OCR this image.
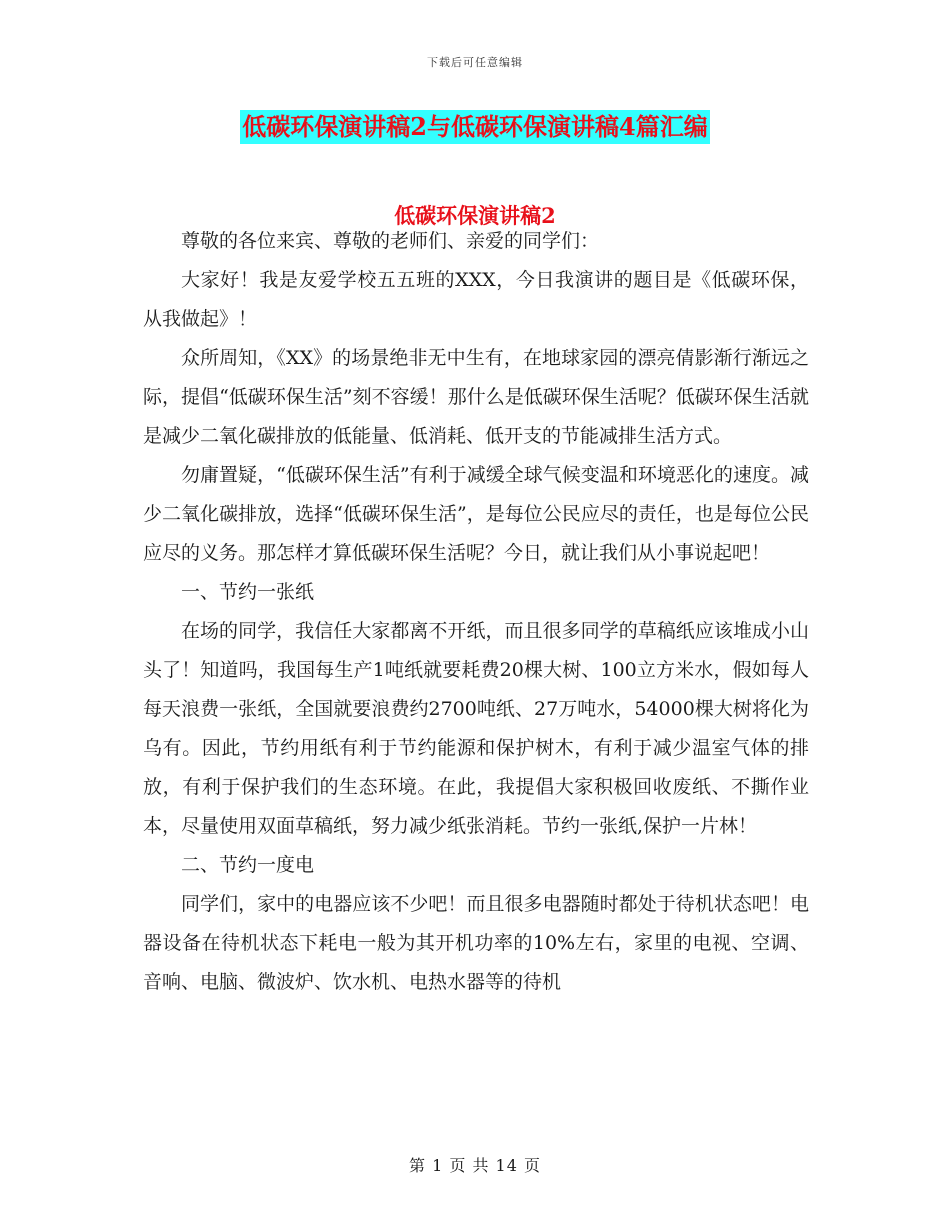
下载后可任意编辑
低碳环保演讲稿2与低碳环保演讲稿4篇汇编
低碳环保演讲稿2

尊敬的各位来宾、尊敬的老师们、亲爱的同学们：

大家好！我是友爱学校五五班的XXX，今日我演讲的题目是《低碳环保，从我做起》！

众所周知，《XX》的场景绝非无中生有，在地球家园的漂亮倩影渐行渐远之际，提倡“低碳环保生活”刻不容缓！那什么是低碳环保生活呢？低碳环保生活就是减少二氧化碳排放的低能量、低消耗、低开支的节能减排生活方式。

勿庸置疑，“低碳环保生活”有利于减缓全球气候变温和环境恶化的速度。减少二氧化碳排放，选择“低碳环保生活”，是每位公民应尽的责任，也是每位公民应尽的义务。那怎样才算低碳环保生活呢？今日，就让我们从小事说起吧！

一、节约一张纸

在场的同学，我信任大家都离不开纸，而且很多同学的草稿纸应该堆成小山头了！知道吗，我国每生产1吨纸就要耗费20棵大树、100立方米水，假如每人每天浪费一张纸，全国就要浪费约2700吨纸、27万吨水，54000棵大树将化为乌有。因此，节约用纸有利于节约能源和保护树木，有利于减少温室气体的排放，有利于保护我们的生态环境。在此，我提倡大家积极回收废纸、不撕作业本，尽量使用双面草稿纸，努力减少纸张消耗。节约一张纸,保护一片林！

二、节约一度电

同学们，家中的电器应该不少吧！而且很多电器随时都处于待机状态吧！电器设备在待机状态下耗电一般为其开机功率的10%左右，家里的电视、空调、音响、电脑、微波炉、饮水机、电热水器等的待机

第 1 页 共 14 页
